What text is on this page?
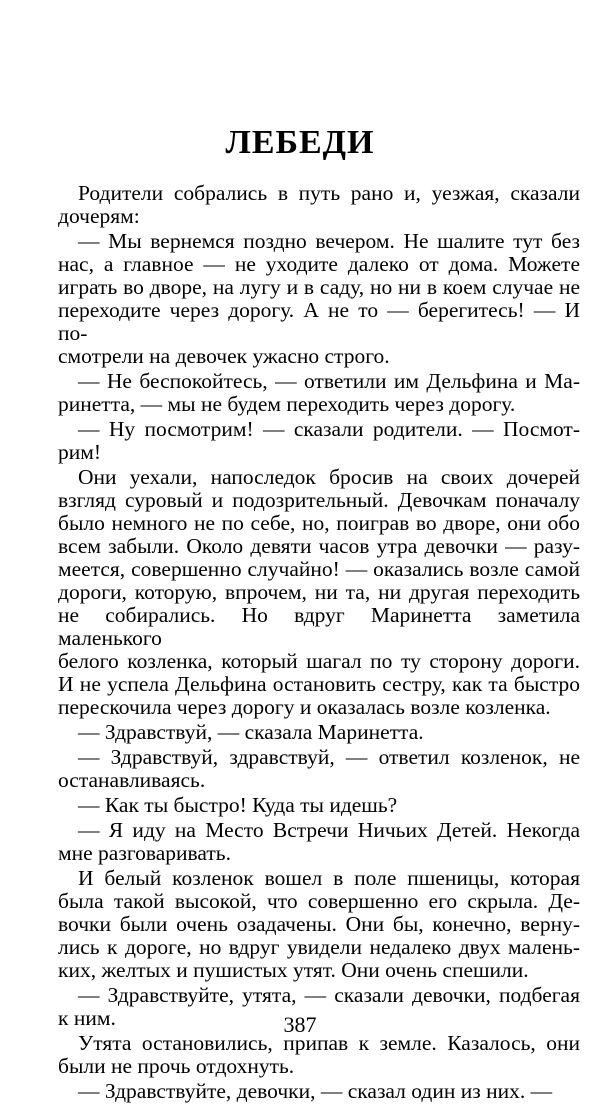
ЛЕБЕДИ
Родители собрались в путь рано и, уезжая, сказали
дочерям:
— Мы вернемся поздно вечером. Не шалите тут без
нас, а главное — не уходите далеко от дома. Можете
играть во дворе, на лугу и в саду, но ни в коем случае не
переходите через дорогу. А не то — берегитесь! — И по-
смотрели на девочек ужасно строго.
— Не беспокойтесь, — ответили им Дельфина и Ма-
ринетта, — мы не будем переходить через дорогу.
— Ну посмотрим! — сказали родители. — Посмот-
рим!
Они уехали, напоследок бросив на своих дочерей
взгляд суровый и подозрительный. Девочкам поначалу
было немного не по себе, но, поиграв во дворе, они обо
всем забыли. Около девяти часов утра девочки — разу-
меется, совершенно случайно! — оказались возле самой
дороги, которую, впрочем, ни та, ни другая переходить
не собирались. Но вдруг Маринетта заметила маленького
белого козленка, который шагал по ту сторону дороги.
И не успела Дельфина остановить сестру, как та быстро
перескочила через дорогу и оказалась возле козленка.
— Здравствуй, — сказала Маринетта.
— Здравствуй, здравствуй, — ответил козленок, не
останавливаясь.
— Как ты быстро! Куда ты идешь?
— Я иду на Место Встречи Ничьих Детей. Некогда
мне разговаривать.
И белый козленок вошел в поле пшеницы, которая
была такой высокой, что совершенно его скрыла. Де-
вочки были очень озадачены. Они бы, конечно, верну-
лись к дороге, но вдруг увидели недалеко двух малень-
ких, желтых и пушистых утят. Они очень спешили.
— Здравствуйте, утята, — сказали девочки, подбегая
к ним.
Утята остановились, припав к земле. Казалось, они
были не прочь отдохнуть.
— Здравствуйте, девочки, — сказал один из них. —
387
